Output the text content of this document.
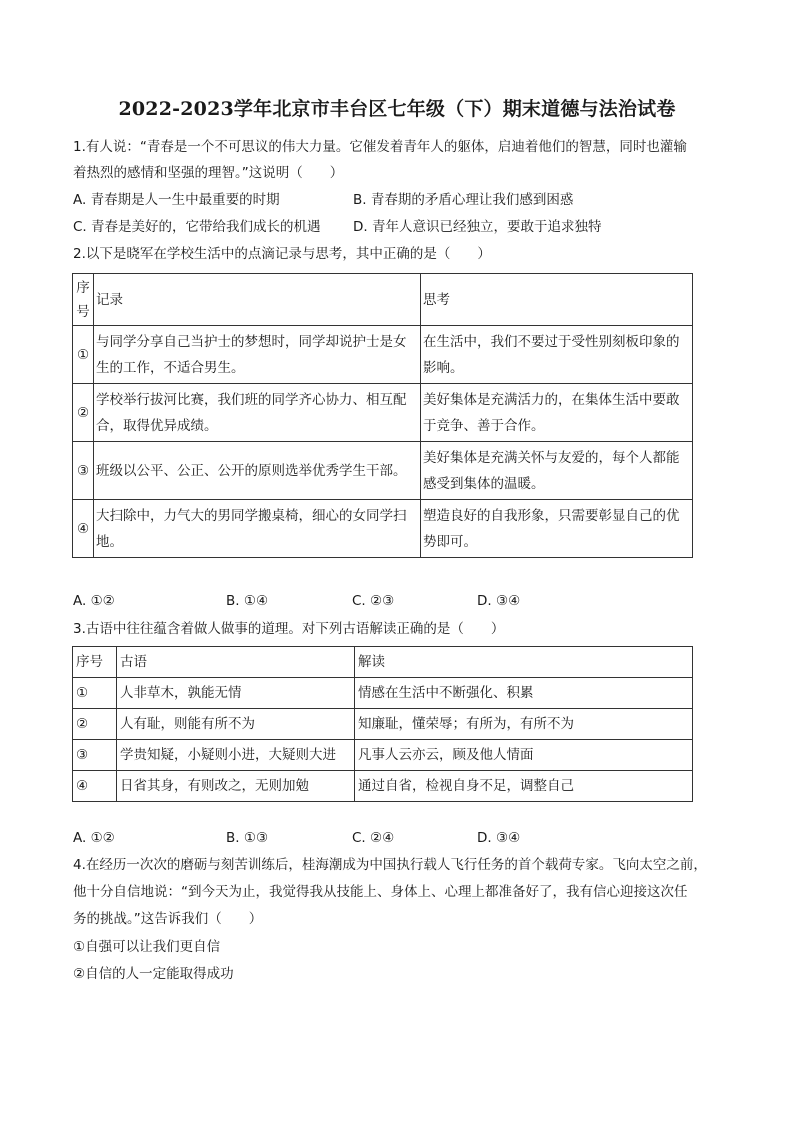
2022-2023学年北京市丰台区七年级（下）期末道德与法治试卷
1.有人说：“青春是一个不可思议的伟大力量。它催发着青年人的躯体，启迪着他们的智慧，同时也灌输
着热烈的感情和坚强的理智。”这说明（　　）
A. 青春期是人一生中最重要的时期	B. 青春期的矛盾心理让我们感到困惑
C. 青春是美好的，它带给我们成长的机遇 D. 青年人意识已经独立，要敢于追求独特
2.以下是晓军在学校生活中的点滴记录与思考，其中正确的是（　　）
序号	记录	思考
①	与同学分享自己当护士的梦想时，同学却说护士是女生的工作，不适合男生。	在生活中，我们不要过于受性别刻板印象的影响。
②	学校举行拔河比赛，我们班的同学齐心协力、相互配合，取得优异成绩。	美好集体是充满活力的，在集体生活中要敢于竞争、善于合作。
③	班级以公平、公正、公开的原则选举优秀学生干部。	美好集体是充满关怀与友爱的，每个人都能感受到集体的温暖。
④	大扫除中，力气大的男同学搬桌椅，细心的女同学扫地。	塑造良好的自我形象，只需要彰显自己的优势即可。
A. ①②	B. ①④	C. ②③	D. ③④
3.古语中往往蕴含着做人做事的道理。对下列古语解读正确的是（　　）
序号	古语	解读
①	人非草木，孰能无情	情感在生活中不断强化、积累
②	人有耻，则能有所不为	知廉耻，懂荣辱；有所为，有所不为
③	学贵知疑，小疑则小进，大疑则大进	凡事人云亦云，顾及他人情面
④	日省其身，有则改之，无则加勉	通过自省，检视自身不足，调整自己
A. ①②	B. ①③	C. ②④	D. ③④
4.在经历一次次的磨砺与刻苦训练后，桂海潮成为中国执行载人飞行任务的首个载荷专家。飞向太空之前，
他十分自信地说：“到今天为止，我觉得我从技能上、身体上、心理上都准备好了，我有信心迎接这次任
务的挑战。”这告诉我们（　　）
①自强可以让我们更自信
②自信的人一定能取得成功
